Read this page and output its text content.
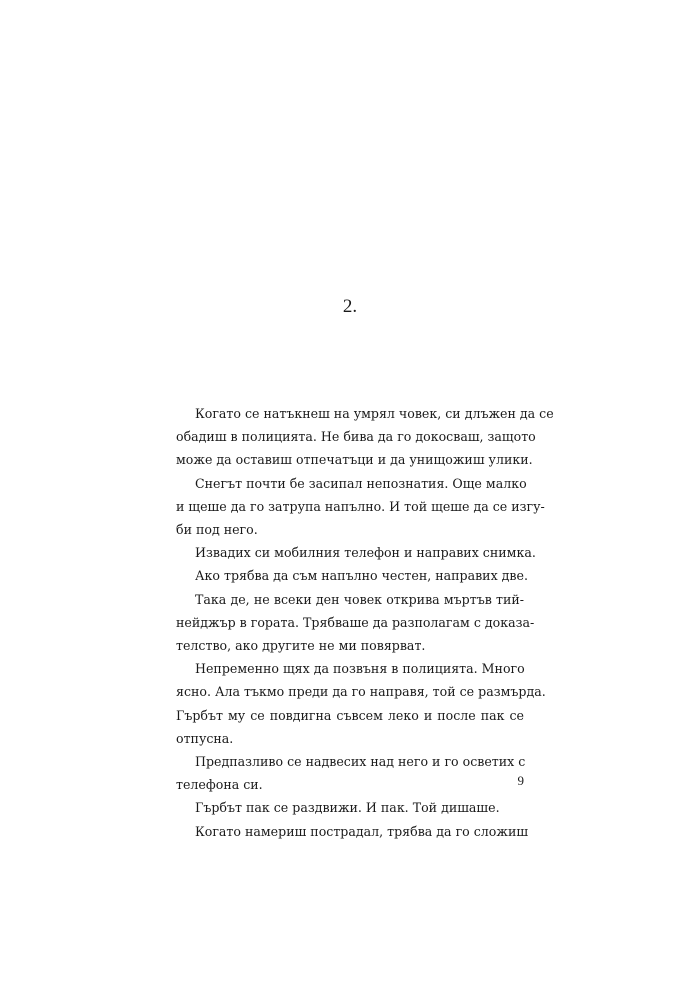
2.
Когато се натъкнеш на умрял човек, си длъжен да се
обадиш в полицията. Не бива да го докосваш, защото
може да оставиш отпечатъци и да унищожиш улики.
Снегът почти бе засипал непознатия. Още малко
и щеше да го затрупа напълно. И той щеше да се изгу-
би под него.
Извадих си мобилния телефон и направих снимка.
Ако трябва да съм напълно честен, направих две.
Така де, не всеки ден човек открива мъртъв тий-
нейджър в гората. Трябваше да разполагам с доказа-
телство, ако другите не ми повярват.
Непременно щях да позвъня в полицията. Много
ясно. Ала тъкмо преди да го направя, той се размърда.
Гърбът му се повдигна съвсем леко и после пак се
отпусна.
Предпазливо се надвесих над него и го осветих с
телефона си.
Гърбът пак се раздвижи. И пак. Той дишаше.
Когато намериш пострадал, трябва да го сложиш
9
